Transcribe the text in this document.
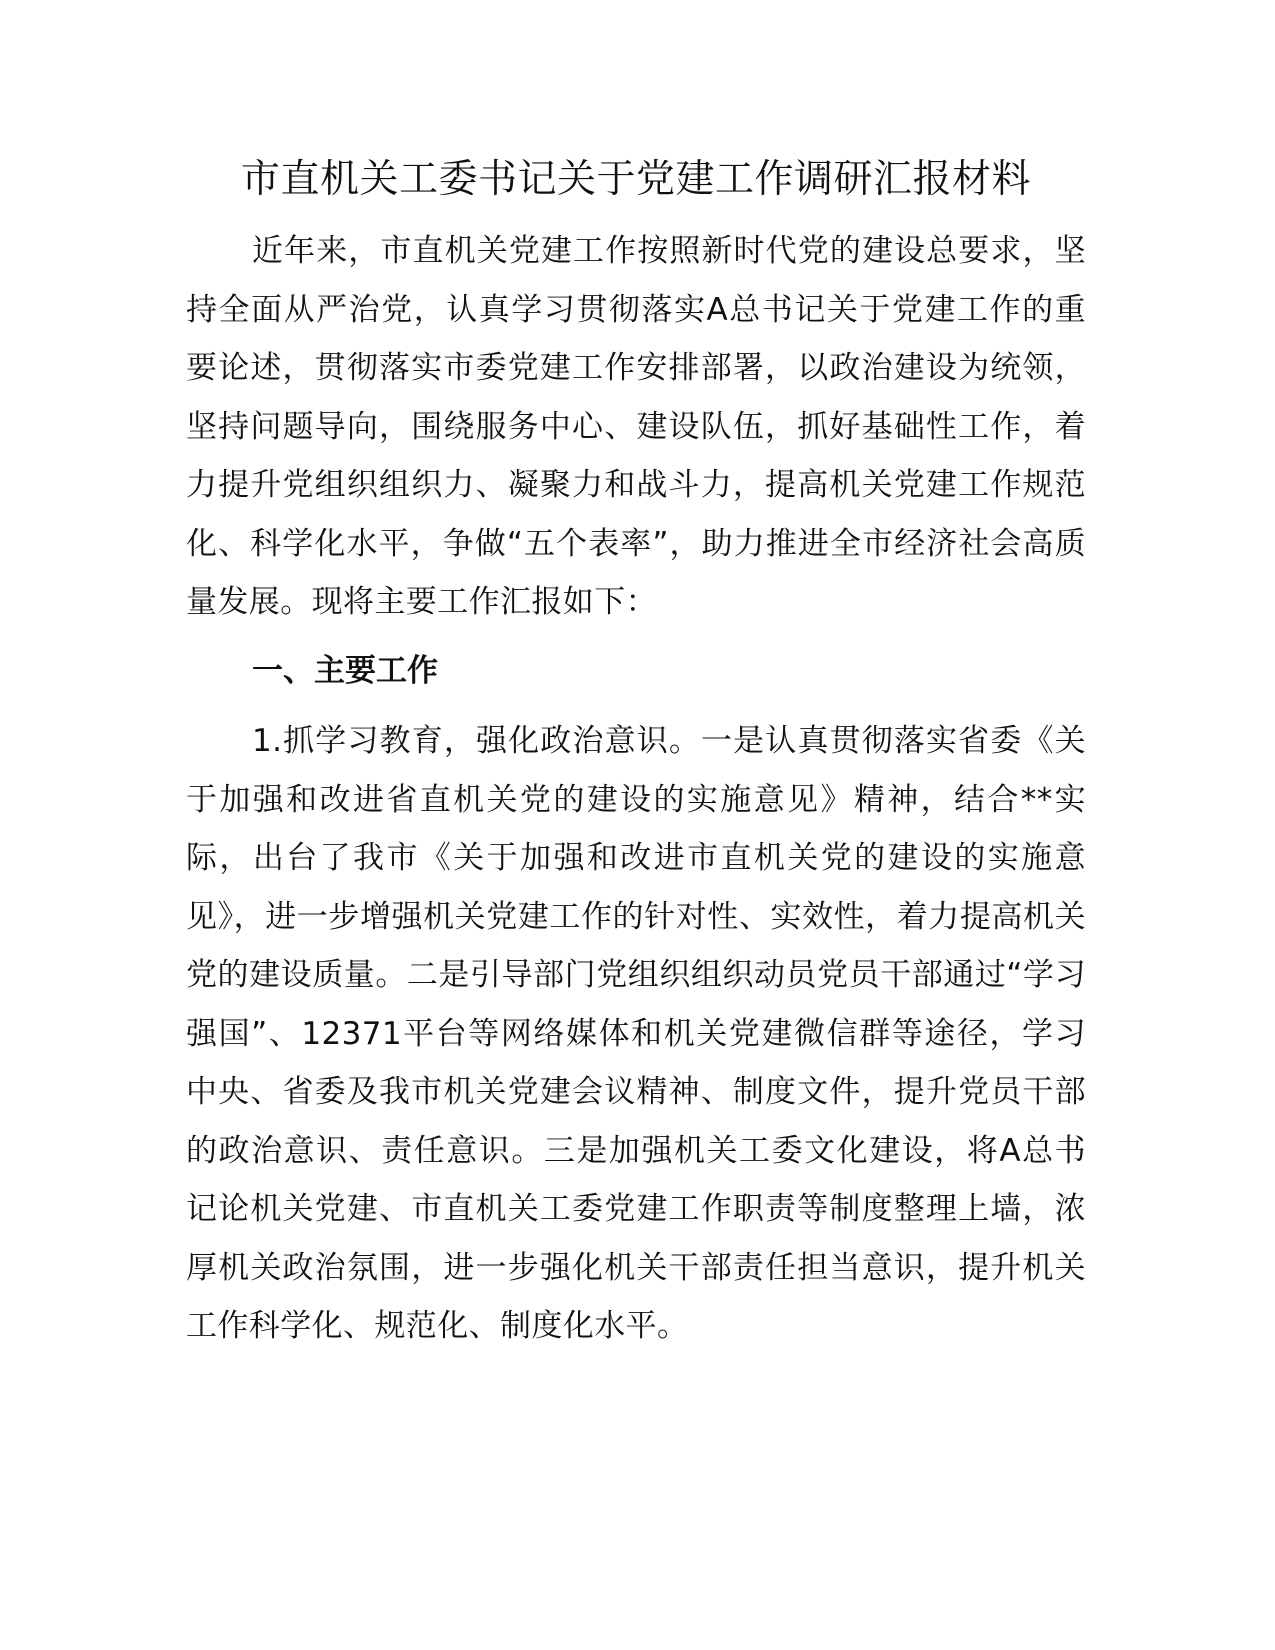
市直机关工委书记关于党建工作调研汇报材料

近年来，市直机关党建工作按照新时代党的建设总要求，坚持全面从严治党，认真学习贯彻落实A总书记关于党建工作的重要论述，贯彻落实市委党建工作安排部署，以政治建设为统领，坚持问题导向，围绕服务中心、建设队伍，抓好基础性工作，着力提升党组织组织力、凝聚力和战斗力，提高机关党建工作规范化、科学化水平，争做“五个表率”，助力推进全市经济社会高质量发展。现将主要工作汇报如下：

一、主要工作

1.抓学习教育，强化政治意识。一是认真贯彻落实省委《关于加强和改进省直机关党的建设的实施意见》精神，结合**实际，出台了我市《关于加强和改进市直机关党的建设的实施意见》，进一步增强机关党建工作的针对性、实效性，着力提高机关党的建设质量。二是引导部门党组织组织动员党员干部通过“学习强国”、12371平台等网络媒体和机关党建微信群等途径，学习中央、省委及我市机关党建会议精神、制度文件，提升党员干部的政治意识、责任意识。三是加强机关工委文化建设，将A总书记论机关党建、市直机关工委党建工作职责等制度整理上墙，浓厚机关政治氛围，进一步强化机关干部责任担当意识，提升机关工作科学化、规范化、制度化水平。
